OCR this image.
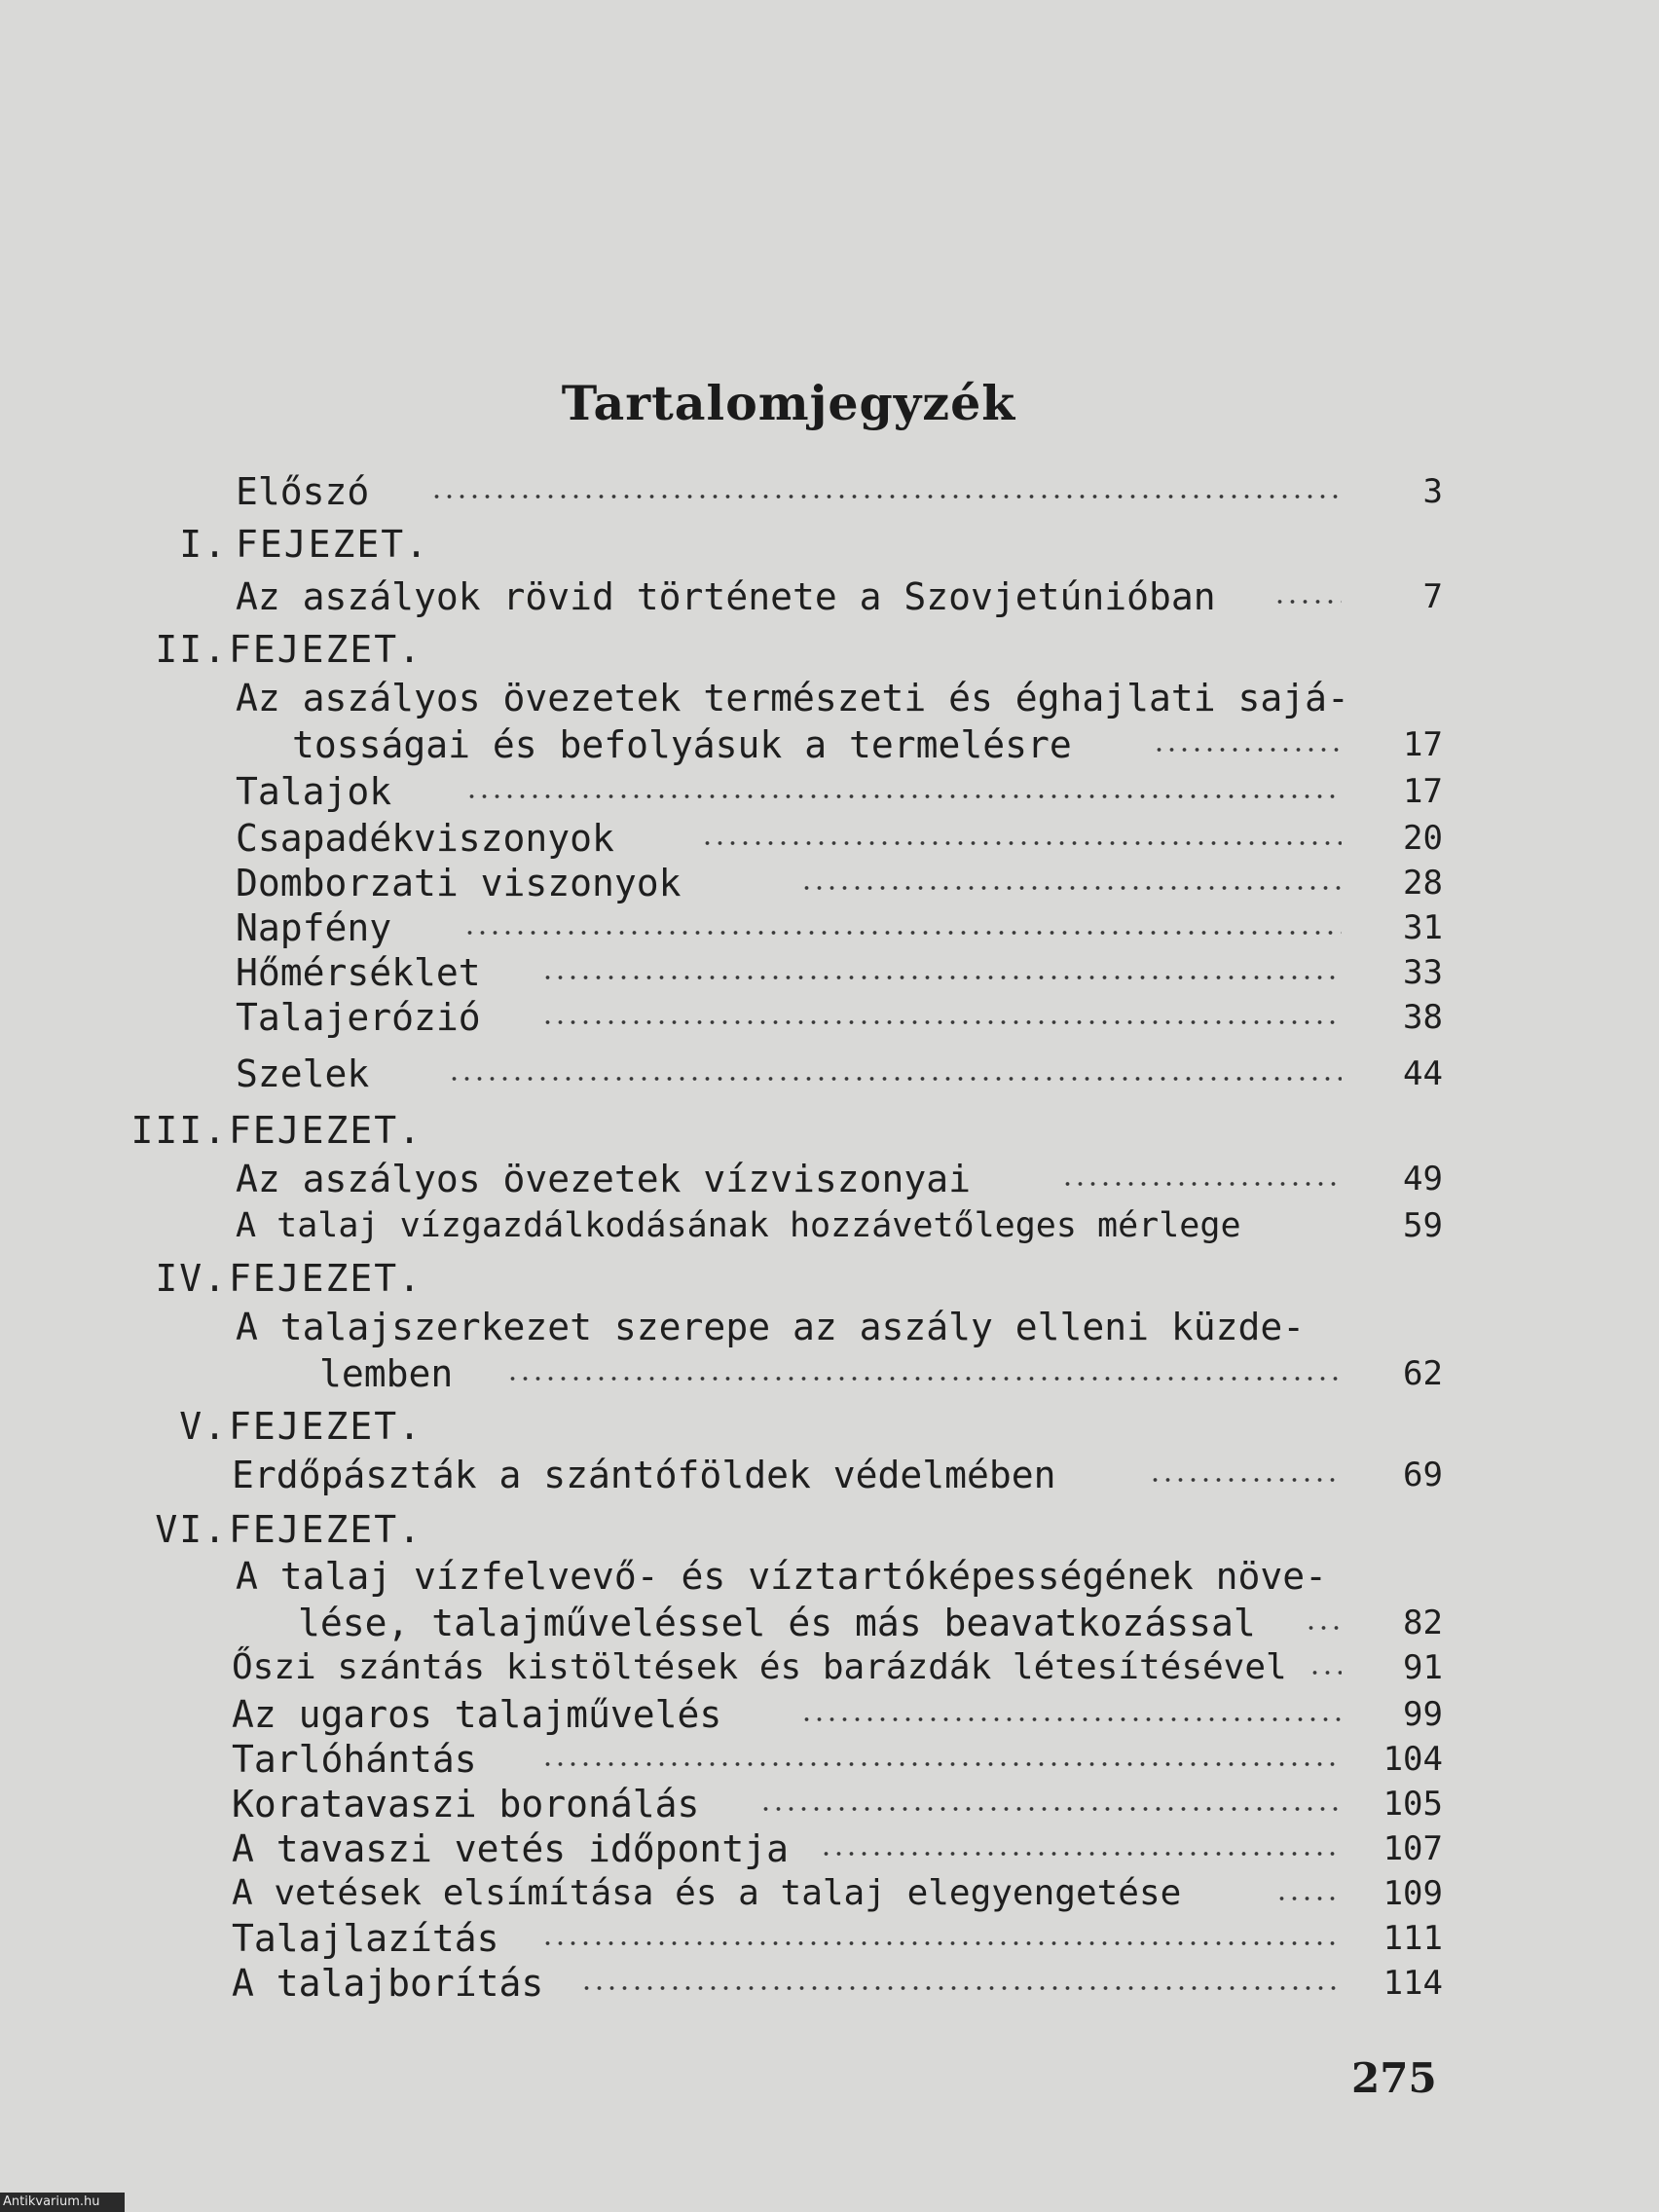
Tartalomjegyzék
Előszó	3
I. FEJEZET.
Az aszályok rövid története a Szovjetúnióban	7
II. FEJEZET.
Az aszályos övezetek természeti és éghajlati sajá-
tosságai és befolyásuk a termelésre	17
Talajok	17
Csapadékviszonyok	20
Domborzati viszonyok	28
Napfény	31
Hőmérséklet	33
Talajerózió	38
Szelek	44
III. FEJEZET.
Az aszályos övezetek vízviszonyai	49
A talaj vízgazdálkodásának hozzávetőleges mérlege	59
IV. FEJEZET.
A talajszerkezet szerepe az aszály elleni küzde-
lemben	62
V. FEJEZET.
Erdőpászták a szántóföldek védelmében	69
VI. FEJEZET.
A talaj vízfelvevő- és víztartóképességének növe-
lése, talajműveléssel és más beavatkozással	82
Őszi szántás kistöltések és barázdák létesítésével	91
Az ugaros talajművelés	99
Tarlóhántás	104
Koratavaszi boronálás	105
A tavaszi vetés időpontja	107
A vetések elsímítása és a talaj elegyengetése	109
Talajlazítás	111
A talajborítás	114
275
Antikvarium.hu
